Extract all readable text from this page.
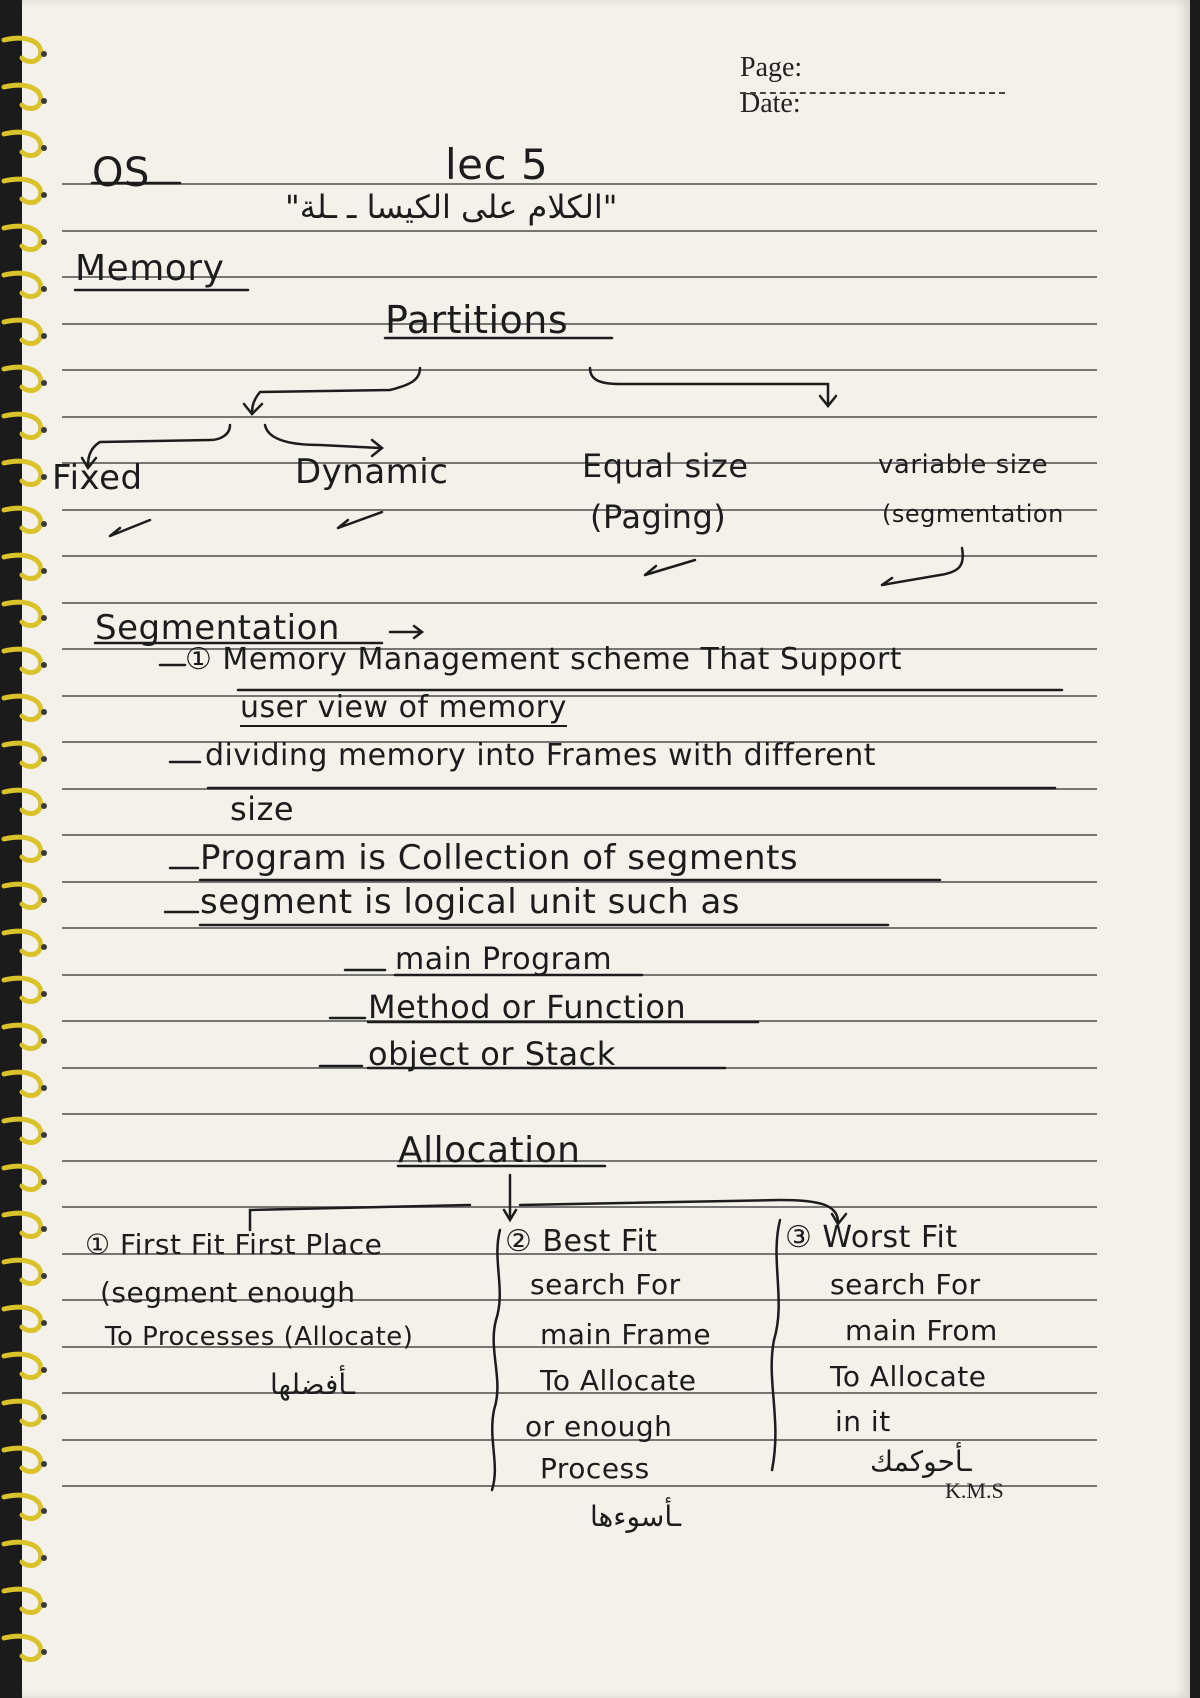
Page:
Date:
OS	lec 5
"الكلام على الكيسا ـ ـلة"
Memory
Partitions
Fixed	Dynamic	Equal size
(Paging)
variable size
(segmentation
Segmentation
① Memory Management scheme That Support
user view of memory
dividing memory into Frames with different
size
Program is Collection of segments
segment is logical unit such as
main Program
Method or Function
object or Stack
Allocation
① First Fit First Place
(segment enough
To Processes (Allocate)
ـأفضلها
② Best Fit
search For
main Frame
To Allocate
or enough
Process
ـأسوءها
③ Worst Fit
search For
main From
To Allocate
in it
ـأحوكمك
K.M.S
